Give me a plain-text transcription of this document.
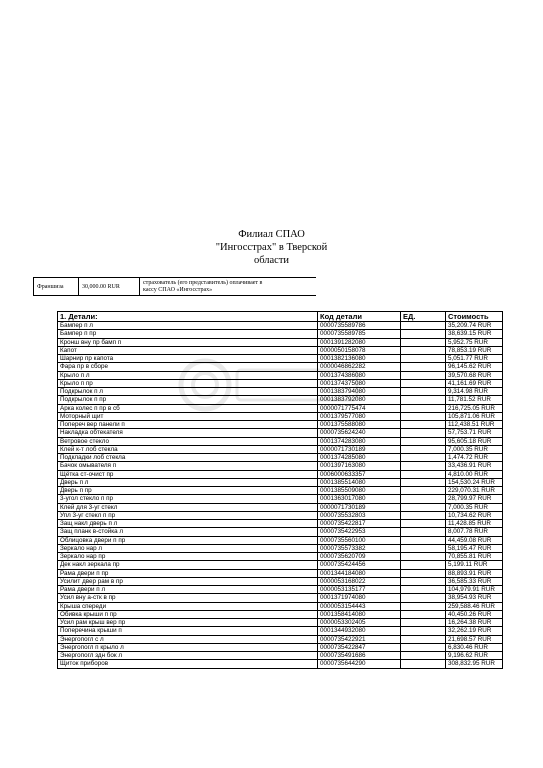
Филиал СПАО
"Ингосстрах" в Тверской
области
Франшиза	30,000.00 RUR	
страхователь (его представитель) оплачивает в
кассу СПАО «Ингосстрах»
1. Детали:	Код детали	ЕД.	Стоимость
Бампер п л	0000735589786		35,209.74 RUR
Бампер п пр	0000735589785		38,639.15 RUR
Кронш вну пр бамп п	0001391282080		5,952.75 RUR
Капот	0000050158078		78,853.19 RUR
Шарнир пр капота	0001382136080		5,051.77 RUR
Фара пр в сборе	0000046862282		96,145.62 RUR
Крыло п л	0001374386080		39,570.68 RUR
Крыло п пр	0001374375080		41,161.69 RUR
Подкрылок п л	0001383794080		9,314.98 RUR
Подкрылок п пр	0001383792080		11,781.52 RUR
Арка колес п пр в сб	0000071775474		216,725.05 RUR
Моторный щит	0001379577080		105,871.06 RUR
Попереч вер панели п	0001375588080		112,438.51 RUR
Накладка обтекателя	0000735624240		57,753.71 RUR
Ветровое стекло	0001374283080		95,605.18 RUR
Клей к-т лоб стекла	0000071730189		7,000.35 RUR
Подкладки лоб стекла	0001374285080		1,474.72 RUR
Бачок омывателя п	0001397163080		33,436.91 RUR
Щётка ст-очист пр	0006000633357		4,810.00 RUR
Дверь п л	0001385514080		154,530.24 RUR
Дверь п пр	0001385509080		229,070.31 RUR
3-угол стекло п пр	0001363017080		28,799.97 RUR
Клей для 3-уг стекл	0000071730189		7,000.35 RUR
Упл 3-уг стекл п пр	0000735532803		10,734.62 RUR
Защ накл дверь п л	0000735422817		11,428.85 RUR
Защ планк в-стойка л	0000735422953		8,007.78 RUR
Облицовка двери п пр	0000735560100		44,459.08 RUR
Зеркало нар л	0000735573382		58,195.47 RUR
Зеркало нар пр	0000735620709		70,855.81 RUR
Дек накл зеркала пр	0000735424456		5,199.11 RUR
Рама двери п пр	0001344184080		88,893.91 RUR
Усилит двер рам в пр	0000053168022		36,585.33 RUR
Рама двери п л	0000053135177		104,979.91 RUR
Усил вну а-стк в пр	0001371974080		38,954.93 RUR
Крыша спереди	0000053154443		259,588.46 RUR
Обивка крыши п пр	0001358414080		40,450.26 RUR
Усил рам крыш вер пр	0000053302405		16,264.38 RUR
Поперечина крыши п	0001344932080		32,262.19 RUR
Энергопогл с л	0000735422921		21,698.57 RUR
Энергопогл п крыло л	0000735422847		6,830.46 RUR
Энергопогл здн бок л	0000735491686		9,196.62 RUR
Щиток приборов	0000735644290		308,832.95 RUR
